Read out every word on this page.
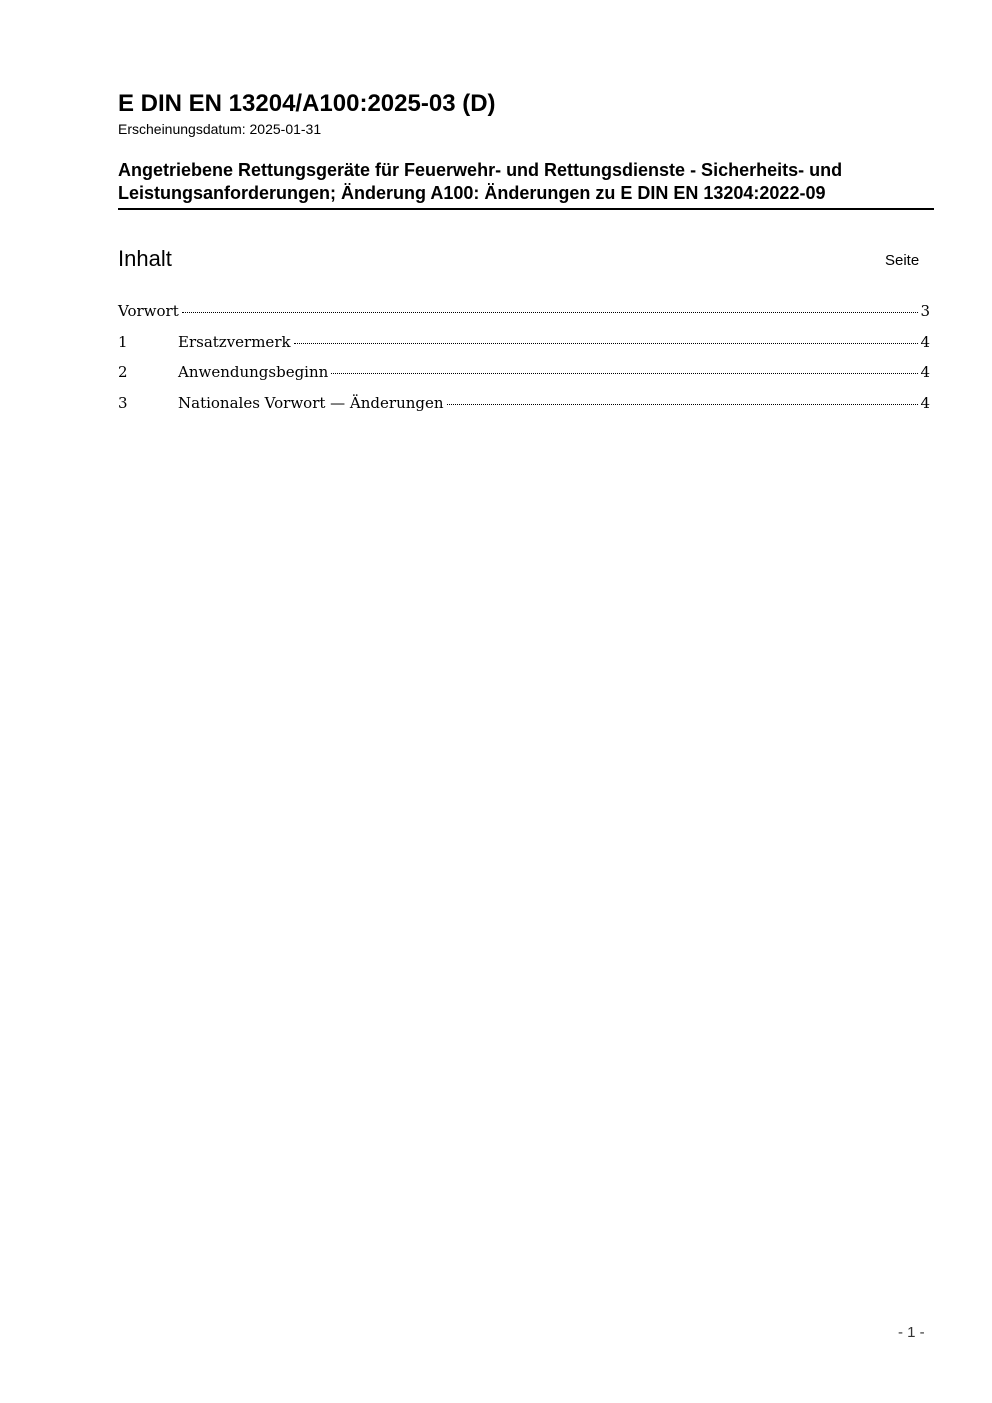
E DIN EN 13204/A100:2025-03 (D)
Erscheinungsdatum: 2025-01-31
Angetriebene Rettungsgeräte für Feuerwehr- und Rettungsdienste - Sicherheits- und
Leistungsanforderungen; Änderung A100: Änderungen zu E DIN EN 13204:2022-09
Inhalt	Seite
Vorwort	3
1	Ersatzvermerk	4
2	Anwendungsbeginn	4
3	Nationales Vorwort — Änderungen	4
- 1 -
